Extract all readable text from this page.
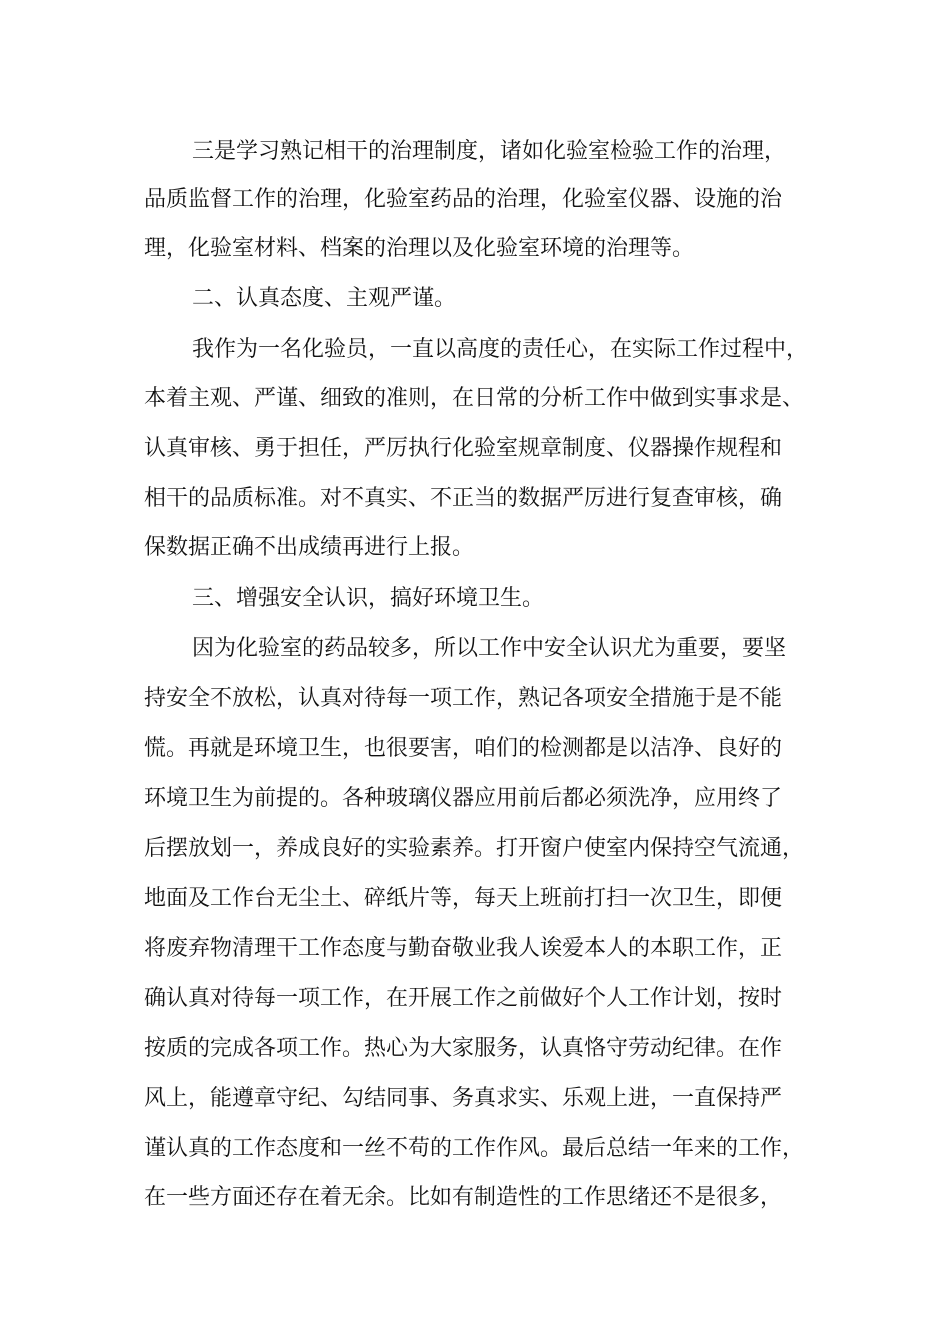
三是学习熟记相干的治理制度，诸如化验室检验工作的治理，

品质监督工作的治理，化验室药品的治理，化验室仪器、设施的治

理，化验室材料、档案的治理以及化验室环境的治理等。

二、认真态度、主观严谨。

我作为一名化验员，一直以高度的责任心，在实际工作过程中，

本着主观、严谨、细致的准则，在日常的分析工作中做到实事求是、

认真审核、勇于担任，严厉执行化验室规章制度、仪器操作规程和

相干的品质标准。对不真实、不正当的数据严厉进行复查审核，确

保数据正确不出成绩再进行上报。

三、增强安全认识，搞好环境卫生。

因为化验室的药品较多，所以工作中安全认识尤为重要，要坚

持安全不放松，认真对待每一项工作，熟记各项安全措施于是不能

慌。再就是环境卫生，也很要害，咱们的检测都是以洁净、良好的

环境卫生为前提的。各种玻璃仪器应用前后都必须洗净，应用终了

后摆放划一，养成良好的实验素养。打开窗户使室内保持空气流通，

地面及工作台无尘土、碎纸片等，每天上班前打扫一次卫生，即便

将废弃物清理干工作态度与勤奋敬业我人诶爱本人的本职工作，正

确认真对待每一项工作，在开展工作之前做好个人工作计划，按时

按质的完成各项工作。热心为大家服务，认真恪守劳动纪律。在作

风上，能遵章守纪、勾结同事、务真求实、乐观上进，一直保持严

谨认真的工作态度和一丝不苟的工作作风。最后总结一年来的工作，

在一些方面还存在着无余。比如有制造性的工作思绪还不是很多，
